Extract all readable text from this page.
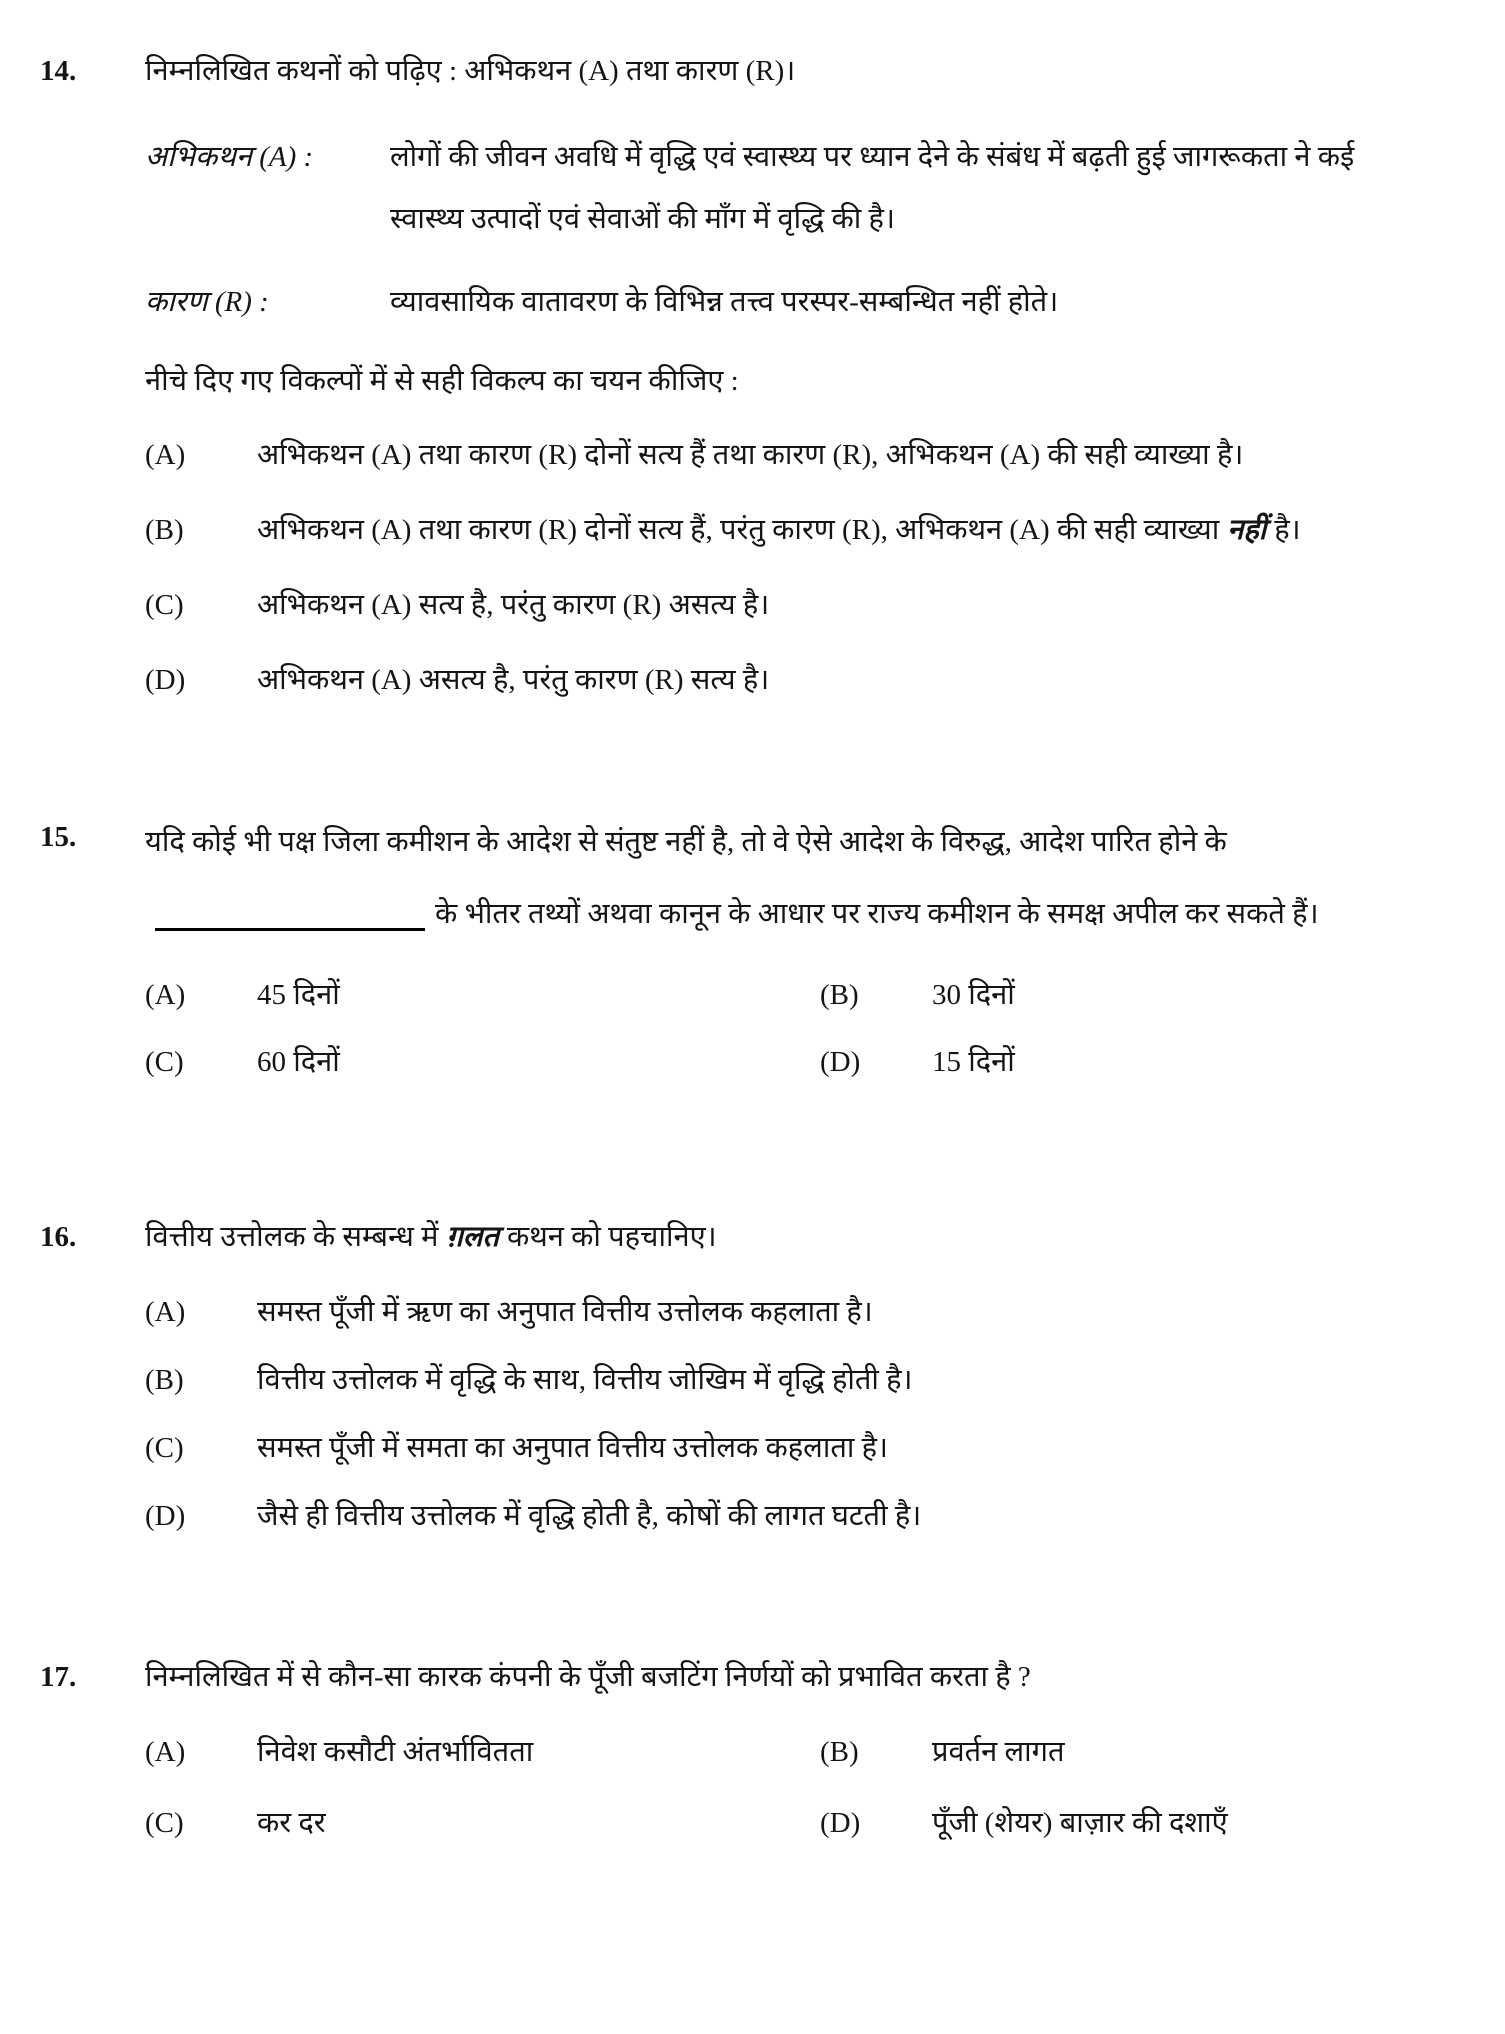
14.	निम्नलिखित कथनों को पढ़िए : अभिकथन (A) तथा कारण (R)।

अभिकथन (A) :	लोगों की जीवन अवधि में वृद्धि एवं स्वास्थ्य पर ध्यान देने के संबंध में बढ़ती हुई जागरूकता ने कई स्वास्थ्य उत्पादों एवं सेवाओं की माँग में वृद्धि की है।
कारण (R) :	व्यावसायिक वातावरण के विभिन्न तत्त्व परस्पर-सम्बन्धित नहीं होते।

नीचे दिए गए विकल्पों में से सही विकल्प का चयन कीजिए :

(A)	अभिकथन (A) तथा कारण (R) दोनों सत्य हैं तथा कारण (R), अभिकथन (A) की सही व्याख्या है।
(B)	अभिकथन (A) तथा कारण (R) दोनों सत्य हैं, परंतु कारण (R), अभिकथन (A) की सही व्याख्या नहीं है।
(C)	अभिकथन (A) सत्य है, परंतु कारण (R) असत्य है।
(D)	अभिकथन (A) असत्य है, परंतु कारण (R) सत्य है।
15.	यदि कोई भी पक्ष जिला कमीशन के आदेश से संतुष्ट नहीं है, तो वे ऐसे आदेश के विरुद्ध, आदेश पारित होने केके भीतर तथ्यों अथवा कानून के आधार पर राज्य कमीशन के समक्ष अपील कर सकते हैं।

(A)	45 दिनों	(B)	30 दिनों
(C)	60 दिनों	(D)	15 दिनों
16.	वित्तीय उत्तोलक के सम्बन्ध में ग़लत कथन को पहचानिए।

(A)	समस्त पूँजी में ऋण का अनुपात वित्तीय उत्तोलक कहलाता है।
(B)	वित्तीय उत्तोलक में वृद्धि के साथ, वित्तीय जोखिम में वृद्धि होती है।
(C)	समस्त पूँजी में समता का अनुपात वित्तीय उत्तोलक कहलाता है।
(D)	जैसे ही वित्तीय उत्तोलक में वृद्धि होती है, कोषों की लागत घटती है।
17.	निम्नलिखित में से कौन-सा कारक कंपनी के पूँजी बजटिंग निर्णयों को प्रभावित करता है ?

(A)	निवेश कसौटी अंतर्भावितता	(B)	प्रवर्तन लागत
(C)	कर दर	(D)	पूँजी (शेयर) बाज़ार की दशाएँ
